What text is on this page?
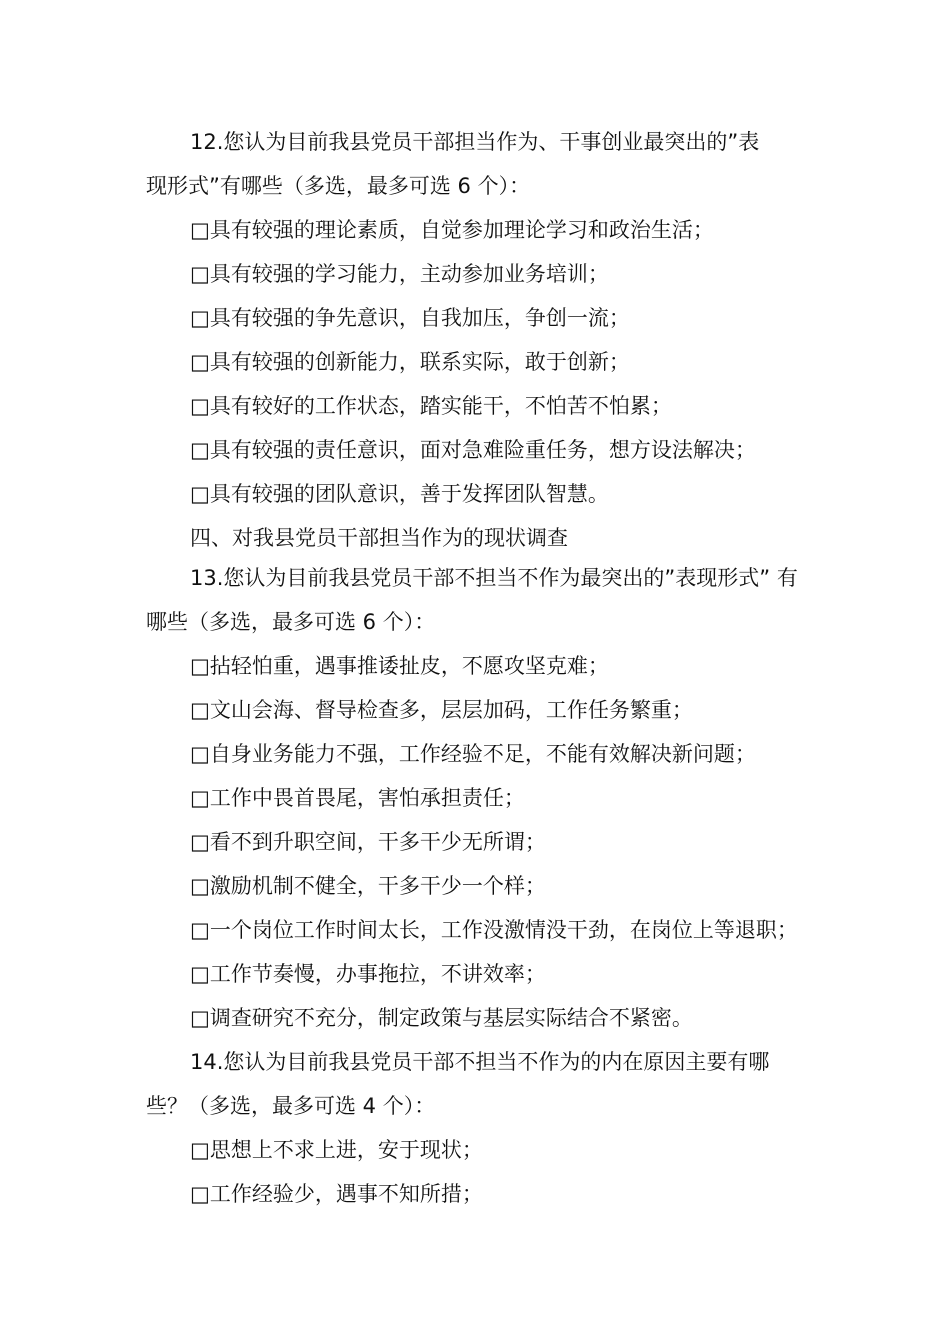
12.您认为目前我县党员干部担当作为、干事创业最突出的”表
现形式”有哪些（多选，最多可选 6 个）：
□具有较强的理论素质，自觉参加理论学习和政治生活；
□具有较强的学习能力，主动参加业务培训；
□具有较强的争先意识，自我加压，争创一流；
□具有较强的创新能力，联系实际，敢于创新；
□具有较好的工作状态，踏实能干，不怕苦不怕累；
□具有较强的责任意识，面对急难险重任务，想方设法解决；
□具有较强的团队意识，善于发挥团队智慧。
四、对我县党员干部担当作为的现状调查
13.您认为目前我县党员干部不担当不作为最突出的”表现形式” 有
哪些（多选，最多可选 6 个）：
□拈轻怕重，遇事推诿扯皮，不愿攻坚克难；
□文山会海、督导检查多，层层加码，工作任务繁重；
□自身业务能力不强，工作经验不足，不能有效解决新问题；
□工作中畏首畏尾，害怕承担责任；
□看不到升职空间，干多干少无所谓；
□激励机制不健全，干多干少一个样；
□一个岗位工作时间太长，工作没激情没干劲，在岗位上等退职；
□工作节奏慢，办事拖拉，不讲效率；
□调查研究不充分，制定政策与基层实际结合不紧密。
14.您认为目前我县党员干部不担当不作为的内在原因主要有哪
些？（多选，最多可选 4 个）：
□思想上不求上进，安于现状；
□工作经验少，遇事不知所措；
